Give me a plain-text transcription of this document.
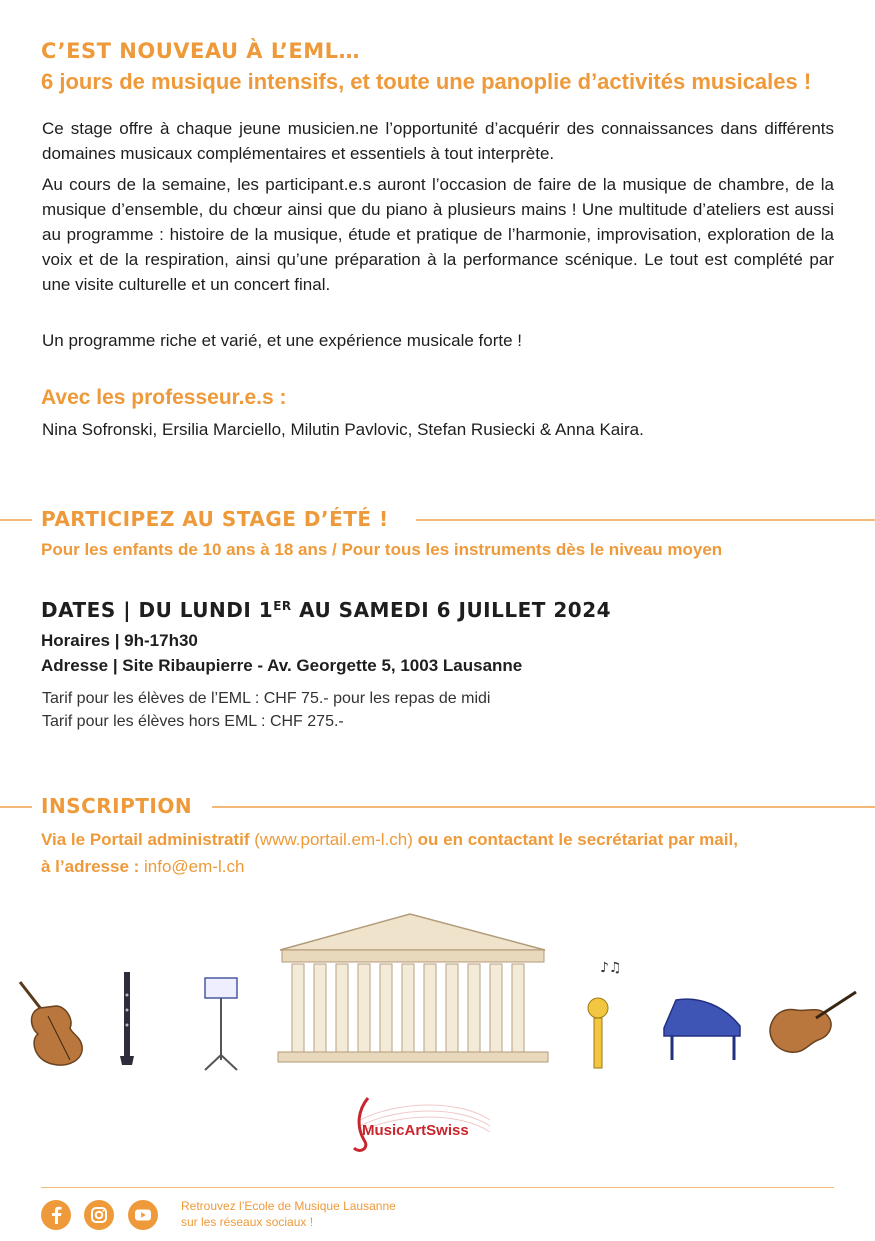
C’EST NOUVEAU À L’EML…
6 jours de musique intensifs, et toute une panoplie d’activités musicales !

Ce stage offre à chaque jeune musicien.ne l’opportunité d’acquérir des connaissances dans différents domaines musicaux complémentaires et essentiels à tout interprète.

Au cours de la semaine, les participant.e.s auront l’occasion de faire de la musique de chambre, de la musique d’ensemble, du chœur ainsi que du piano à plusieurs mains ! Une multitude d’ateliers est aussi au programme : histoire de la musique, étude et pratique de l’harmonie, improvisation, exploration de la voix et de la respiration, ainsi qu’une préparation à la performance scénique. Le tout est complété par une visite culturelle et un concert final.

Un programme riche et varié, et une expérience musicale forte !

Avec les professeur.e.s :

Nina Sofronski, Ersilia Marciello, Milutin Pavlovic, Stefan Rusiecki & Anna Kaira.

PARTICIPEZ AU STAGE D’ÉTÉ !

Pour les enfants de 10 ans à 18 ans / Pour tous les instruments dès le niveau moyen

DATES | DU LUNDI 1ER AU SAMEDI 6 JUILLET 2024

Horaires | 9h-17h30

Adresse | Site Ribaupierre - Av. Georgette 5, 1003 Lausanne

Tarif pour les élèves de l’EML : CHF 75.- pour les repas de midi

Tarif pour les élèves hors EML : CHF 275.-

INSCRIPTION

Via le Portail administratif (www.portail.em-l.ch) ou en contactant le secrétariat par mail,
à l’adresse : info@em-l.ch

♪♫
MusicArtSwiss

Retrouvez l’Ecole de Musique Lausanne
sur les réseaux sociaux !
